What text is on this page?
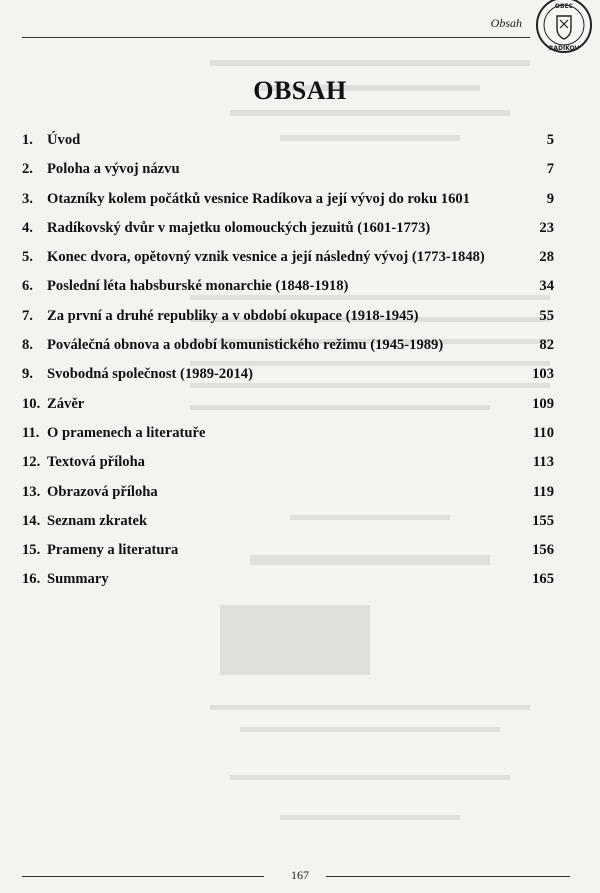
Obsah
OBEC
RADÍKOV
OBSAH
1. Úvod	5
2. Poloha a vývoj názvu	7
3. Otazníky kolem počátků vesnice Radíkova a její vývoj do roku 1601	9
4. Radíkovský dvůr v majetku olomouckých jezuitů (1601-1773)	23
5. Konec dvora, opětovný vznik vesnice a její následný vývoj (1773-1848)	28
6. Poslední léta habsburské monarchie (1848-1918)	34
7. Za první a druhé republiky a v období okupace (1918-1945)	55
8. Poválečná obnova a období komunistického režimu (1945-1989)	82
9. Svobodná společnost (1989-2014)	103
10. Závěr	109
11. O pramenech a literatuře	110
12. Textová příloha	113
13. Obrazová příloha	119
14. Seznam zkratek	155
15. Prameny a literatura	156
16. Summary	165
167
